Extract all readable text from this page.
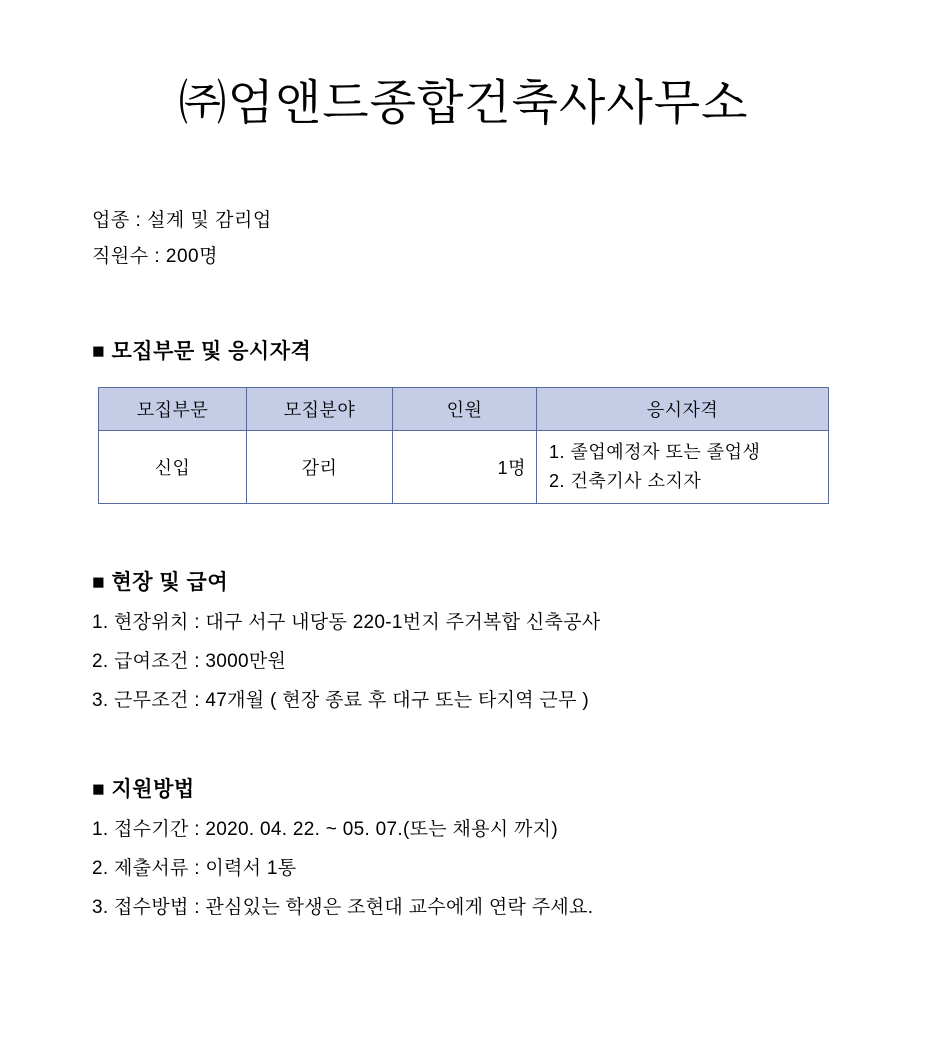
㈜엄앤드종합건축사사무소
업종 : 설계 및 감리업
직원수 : 200명
■ 모집부문 및 응시자격
모집부문	모집분야	인원	응시자격
신입	감리	1명	1. 졸업예정자 또는 졸업생
2. 건축기사 소지자
■ 현장 및 급여
1. 현장위치 : 대구 서구 내당동 220-1번지 주거복합 신축공사
2. 급여조건 : 3000만원
3. 근무조건 : 47개월 ( 현장 종료 후 대구 또는 타지역 근무 )
■ 지원방법
1. 접수기간 : 2020. 04. 22. ~ 05. 07.(또는 채용시 까지)
2. 제출서류 : 이력서 1통
3. 접수방법 : 관심있는 학생은 조현대 교수에게 연락 주세요.
